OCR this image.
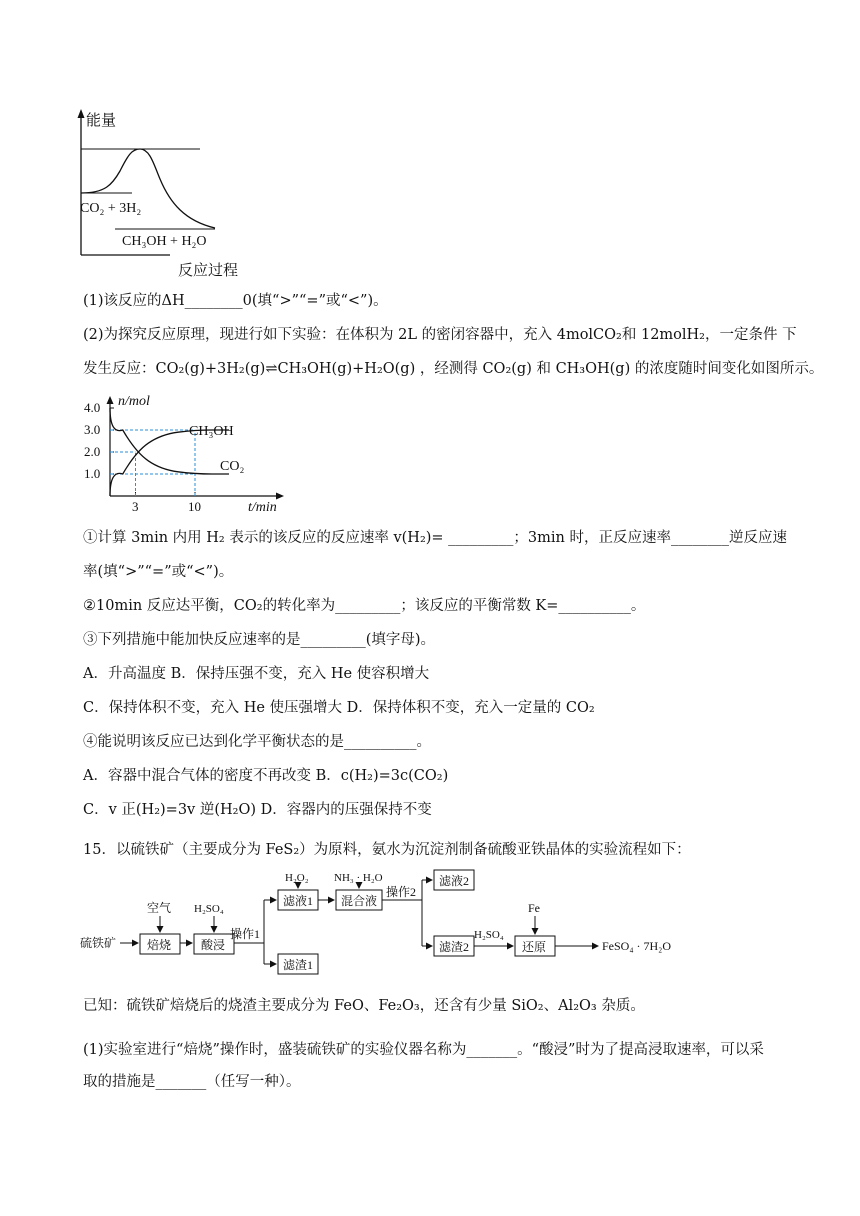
能量
CO₂ + 3H₂
CH₃OH + H₂O
反应过程
(1)该反应的ΔH________0(填“>”“=”或“<”)。
(2)为探究反应原理，现进行如下实验：在体积为 2L 的密闭容器中，充入 4molCO₂和 12molH₂，一定条件 下
发生反应：CO₂(g)+3H₂(g)⇌CH₃OH(g)+H₂O(g) ，经测得 CO₂(g) 和 CH₃OH(g) 的浓度随时间变化如图所示。
4.0
3.0
2.0
1.0
3	10
n/mol
t/min
CH₃OH
CO₂
①计算 3min 内用 H₂ 表示的该反应的反应速率 v(H₂)= _________；3min 时，正反应速率________逆反应速
率(填“>”“=”或“<”)。
②10min 反应达平衡，CO₂的转化率为_________；该反应的平衡常数 K=__________。
③下列措施中能加快反应速率的是_________(填字母)。
A．升高温度 B．保持压强不变，充入 He 使容积增大
C．保持体积不变，充入 He 使压强增大 D．保持体积不变，充入一定量的 CO₂
④能说明该反应已达到化学平衡状态的是__________。
A．容器中混合气体的密度不再改变 B．c(H₂)=3c(CO₂)
C．v 正(H₂)=3v 逆(H₂O) D．容器内的压强保持不变
15．以硫铁矿（主要成分为 FeS₂）为原料，氨水为沉淀剂制备硫酸亚铁晶体的实验流程如下：
硫铁矿	焙烧
空气
酸浸
H₂SO₄
操作1
滤液1
滤渣1
H₂O₂
混合液
NH₃ · H₂O
操作2
滤液2
滤渣2
H₂SO₄
还原
Fe
FeSO₄ · 7H₂O
已知：硫铁矿焙烧后的烧渣主要成分为 FeO、Fe₂O₃，还含有少量 SiO₂、Al₂O₃ 杂质。
(1)实验室进行“焙烧”操作时，盛装硫铁矿的实验仪器名称为_______。“酸浸”时为了提高浸取速率，可以采
取的措施是_______（任写一种）。
